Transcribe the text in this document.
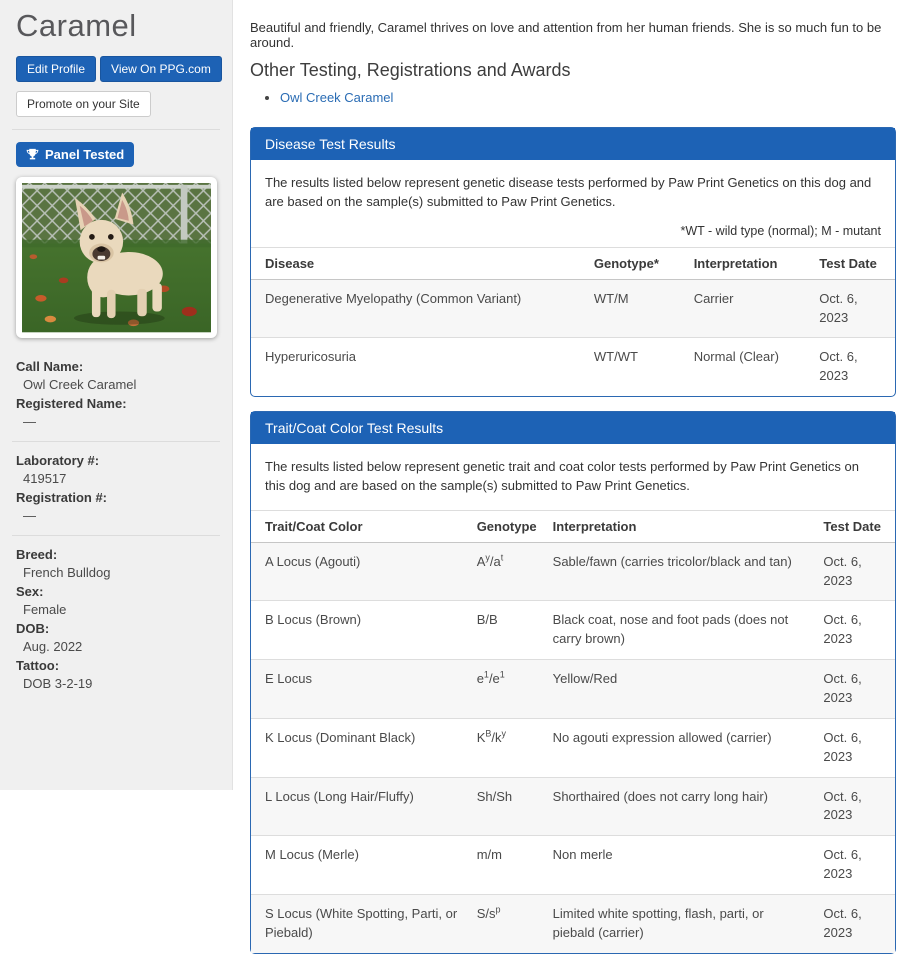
Caramel
Edit Profile	View On PPG.com
Promote on your Site
Panel Tested
Call Name:
Owl Creek Caramel
Registered Name:
—
Laboratory #:
419517
Registration #:
—
Breed:
French Bulldog
Sex:
Female
DOB:
Aug. 2022
Tattoo:
DOB 3-2-19

Beautiful and friendly, Caramel thrives on love and attention from her human friends. She is so much fun to be around.

Other Testing, Registrations and Awards
• Owl Creek Caramel
Disease Test Results

The results listed below represent genetic disease tests performed by Paw Print Genetics on this dog and are based on the sample(s) submitted to Paw Print Genetics.

*WT - wild type (normal); M - mutant
Disease	Genotype*	Interpretation	Test Date
Degenerative Myelopathy (Common Variant)	WT/M	Carrier	Oct. 6, 2023
Hyperuricosuria	WT/WT	Normal (Clear)	Oct. 6, 2023
Trait/Coat Color Test Results

The results listed below represent genetic trait and coat color tests performed by Paw Print Genetics on this dog and are based on the sample(s) submitted to Paw Print Genetics.

Trait/Coat Color	Genotype	Interpretation	Test Date
A Locus (Agouti)	$A^y/a^t$	Sable/fawn (carries tricolor/black and tan)	Oct. 6, 2023
B Locus (Brown)	B/B	Black coat, nose and foot pads (does not carry brown)	Oct. 6, 2023
E Locus	$e^1/e^1$	Yellow/Red	Oct. 6, 2023
K Locus (Dominant Black)	$K^B/k^y$	No agouti expression allowed (carrier)	Oct. 6, 2023
L Locus (Long Hair/Fluffy)	Sh/Sh	Shorthaired (does not carry long hair)	Oct. 6, 2023
M Locus (Merle)	m/m	Non merle	Oct. 6, 2023
S Locus (White Spotting, Parti, or Piebald)	$S/s^p$	Limited white spotting, flash, parti, or piebald (carrier)	Oct. 6, 2023
